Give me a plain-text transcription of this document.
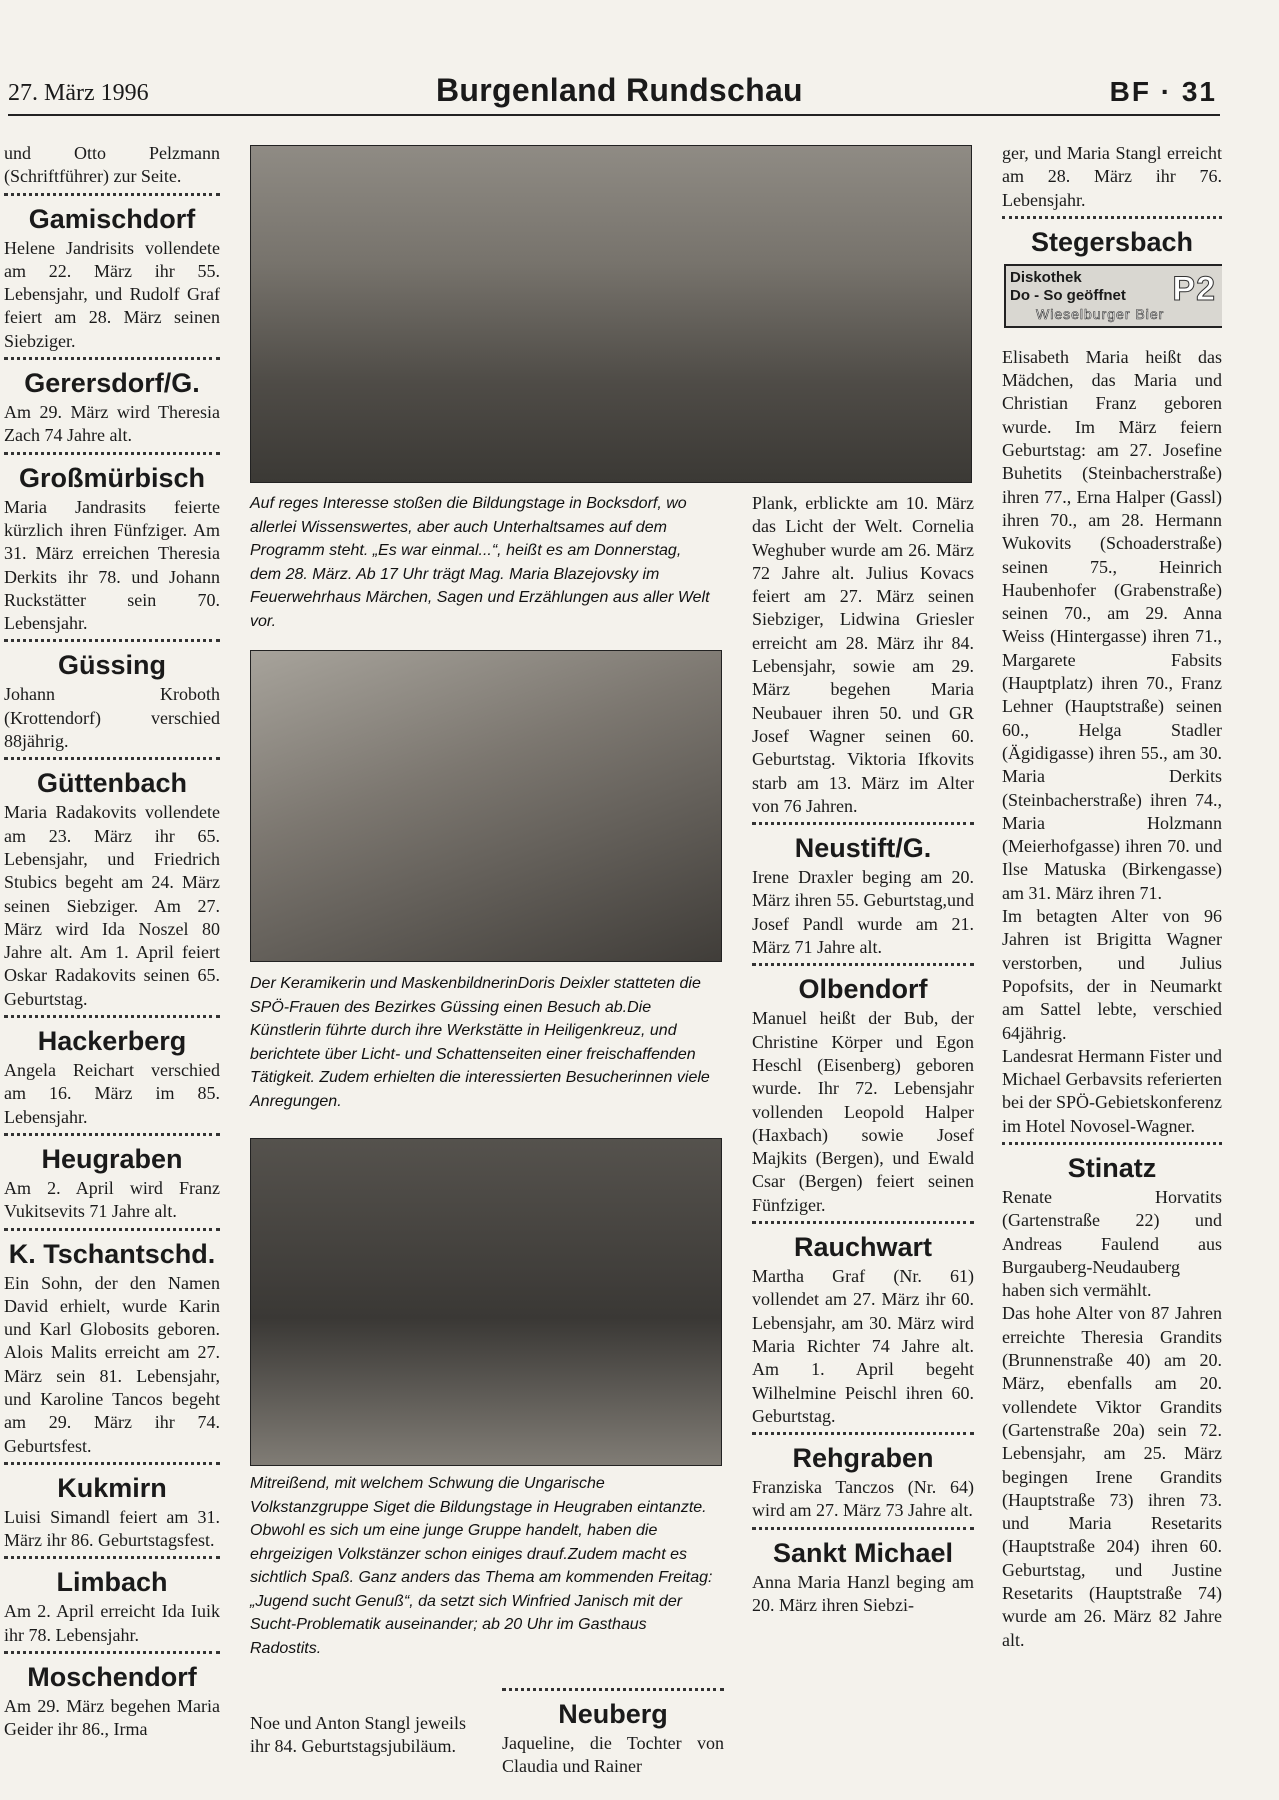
27. März 1996	Burgenland Rundschau	BF · 31

und Otto Pelzmann (Schriftführer) zur Seite.

Gamischdorf

Helene Jandrisits vollendete am 22. März ihr 55. Lebensjahr, und Rudolf Graf feiert am 28. März seinen Siebziger.

Gerersdorf/G.

Am 29. März wird Theresia Zach 74 Jahre alt.

Großmürbisch

Maria Jandrasits feierte kürzlich ihren Fünfziger. Am 31. März erreichen Theresia Derkits ihr 78. und Johann Ruckstätter sein 70. Lebensjahr.

Güssing

Johann Kroboth (Krottendorf) verschied 88jährig.

Güttenbach

Maria Radakovits vollendete am 23. März ihr 65. Lebensjahr, und Friedrich Stubics begeht am 24. März seinen Siebziger. Am 27. März wird Ida Noszel 80 Jahre alt. Am 1. April feiert Oskar Radakovits seinen 65. Geburtstag.

Hackerberg

Angela Reichart verschied am 16. März im 85. Lebensjahr.

Heugraben

Am 2. April wird Franz Vukitsevits 71 Jahre alt.

K. Tschantschd.

Ein Sohn, der den Namen David erhielt, wurde Karin und Karl Globosits geboren. Alois Malits erreicht am 27. März sein 81. Lebensjahr, und Karoline Tancos begeht am 29. März ihr 74. Geburtsfest.

Kukmirn

Luisi Simandl feiert am 31. März ihr 86. Geburtstagsfest.

Limbach

Am 2. April erreicht Ida Iuik ihr 78. Lebensjahr.

Moschendorf

Am 29. März begehen Maria Geider ihr 86., Irma

Auf reges Interesse stoßen die Bildungstage in Bocksdorf, wo allerlei Wissenswertes, aber auch Unterhaltsames auf dem Programm steht. „Es war einmal...“, heißt es am Donnerstag, dem 28. März. Ab 17 Uhr trägt Mag. Maria Blazejovsky im Feuerwehrhaus Märchen, Sagen und Erzählungen aus aller Welt vor.
Der Keramikerin und MaskenbildnerinDoris Deixler statteten die SPÖ-Frauen des Bezirkes Güssing einen Besuch ab.Die Künstlerin führte durch ihre Werkstätte in Heiligenkreuz, und berichtete über Licht- und Schattenseiten einer freischaffenden Tätigkeit. Zudem erhielten die interessierten Besucherinnen viele Anregungen.
Mitreißend, mit welchem Schwung die Ungarische Volkstanzgruppe Siget die Bildungstage in Heugraben eintanzte. Obwohl es sich um eine junge Gruppe handelt, haben die ehrgeizigen Volkstänzer schon einiges drauf.Zudem macht es sichtlich Spaß. Ganz anders das Thema am kommenden Freitag: „Jugend sucht Genuß“, da setzt sich Winfried Janisch mit der Sucht-Problematik auseinander; ab 20 Uhr im Gasthaus Radostits.

Noe und Anton Stangl jeweils ihr 84. Geburtstagsjubiläum.

Neuberg

Jaqueline, die Tochter von Claudia und Rainer

Plank, erblickte am 10. März das Licht der Welt. Cornelia Weghuber wurde am 26. März 72 Jahre alt. Julius Kovacs feiert am 27. März seinen Siebziger, Lidwina Griesler erreicht am 28. März ihr 84. Lebensjahr, sowie am 29. März begehen Maria Neubauer ihren 50. und GR Josef Wagner seinen 60. Geburtstag. Viktoria Ifkovits starb am 13. März im Alter von 76 Jahren.

Neustift/G.

Irene Draxler beging am 20. März ihren 55. Geburtstag,und Josef Pandl wurde am 21. März 71 Jahre alt.

Olbendorf

Manuel heißt der Bub, der Christine Körper und Egon Heschl (Eisenberg) geboren wurde. Ihr 72. Lebensjahr vollenden Leopold Halper (Haxbach) sowie Josef Majkits (Bergen), und Ewald Csar (Bergen) feiert seinen Fünfziger.

Rauchwart

Martha Graf (Nr. 61) vollendet am 27. März ihr 60. Lebensjahr, am 30. März wird Maria Richter 74 Jahre alt. Am 1. April begeht Wilhelmine Peischl ihren 60. Geburtstag.

Rehgraben

Franziska Tanczos (Nr. 64) wird am 27. März 73 Jahre alt.

Sankt Michael

Anna Maria Hanzl beging am 20. März ihren Siebzi-

ger, und Maria Stangl erreicht am 28. März ihr 76. Lebensjahr.

Stegersbach
Diskothek
Do - So geöffnet P2
Wieselburger Bier

Elisabeth Maria heißt das Mädchen, das Maria und Christian Franz geboren wurde. Im März feiern Geburtstag: am 27. Josefine Buhetits (Steinbacherstraße) ihren 77., Erna Halper (Gassl) ihren 70., am 28. Hermann Wukovits (Schoaderstraße) seinen 75., Heinrich Haubenhofer (Grabenstraße) seinen 70., am 29. Anna Weiss (Hintergasse) ihren 71., Margarete Fabsits (Hauptplatz) ihren 70., Franz Lehner (Hauptstraße) seinen 60., Helga Stadler (Ägidigasse) ihren 55., am 30. Maria Derkits (Steinbacherstraße) ihren 74., Maria Holzmann (Meierhofgasse) ihren 70. und Ilse Matuska (Birkengasse) am 31. März ihren 71.

Im betagten Alter von 96 Jahren ist Brigitta Wagner verstorben, und Julius Popofsits, der in Neumarkt am Sattel lebte, verschied 64jährig.

Landesrat Hermann Fister und Michael Gerbavsits referierten bei der SPÖ-Gebietskonferenz im Hotel Novosel-Wagner.

Stinatz

Renate Horvatits (Gartenstraße 22) und Andreas Faulend aus Burgauberg-Neudauberg haben sich vermählt.

Das hohe Alter von 87 Jahren erreichte Theresia Grandits (Brunnenstraße 40) am 20. März, ebenfalls am 20. vollendete Viktor Grandits (Gartenstraße 20a) sein 72. Lebensjahr, am 25. März begingen Irene Grandits (Hauptstraße 73) ihren 73. und Maria Resetarits (Hauptstraße 204) ihren 60. Geburtstag, und Justine Resetarits (Hauptstraße 74) wurde am 26. März 82 Jahre alt.
